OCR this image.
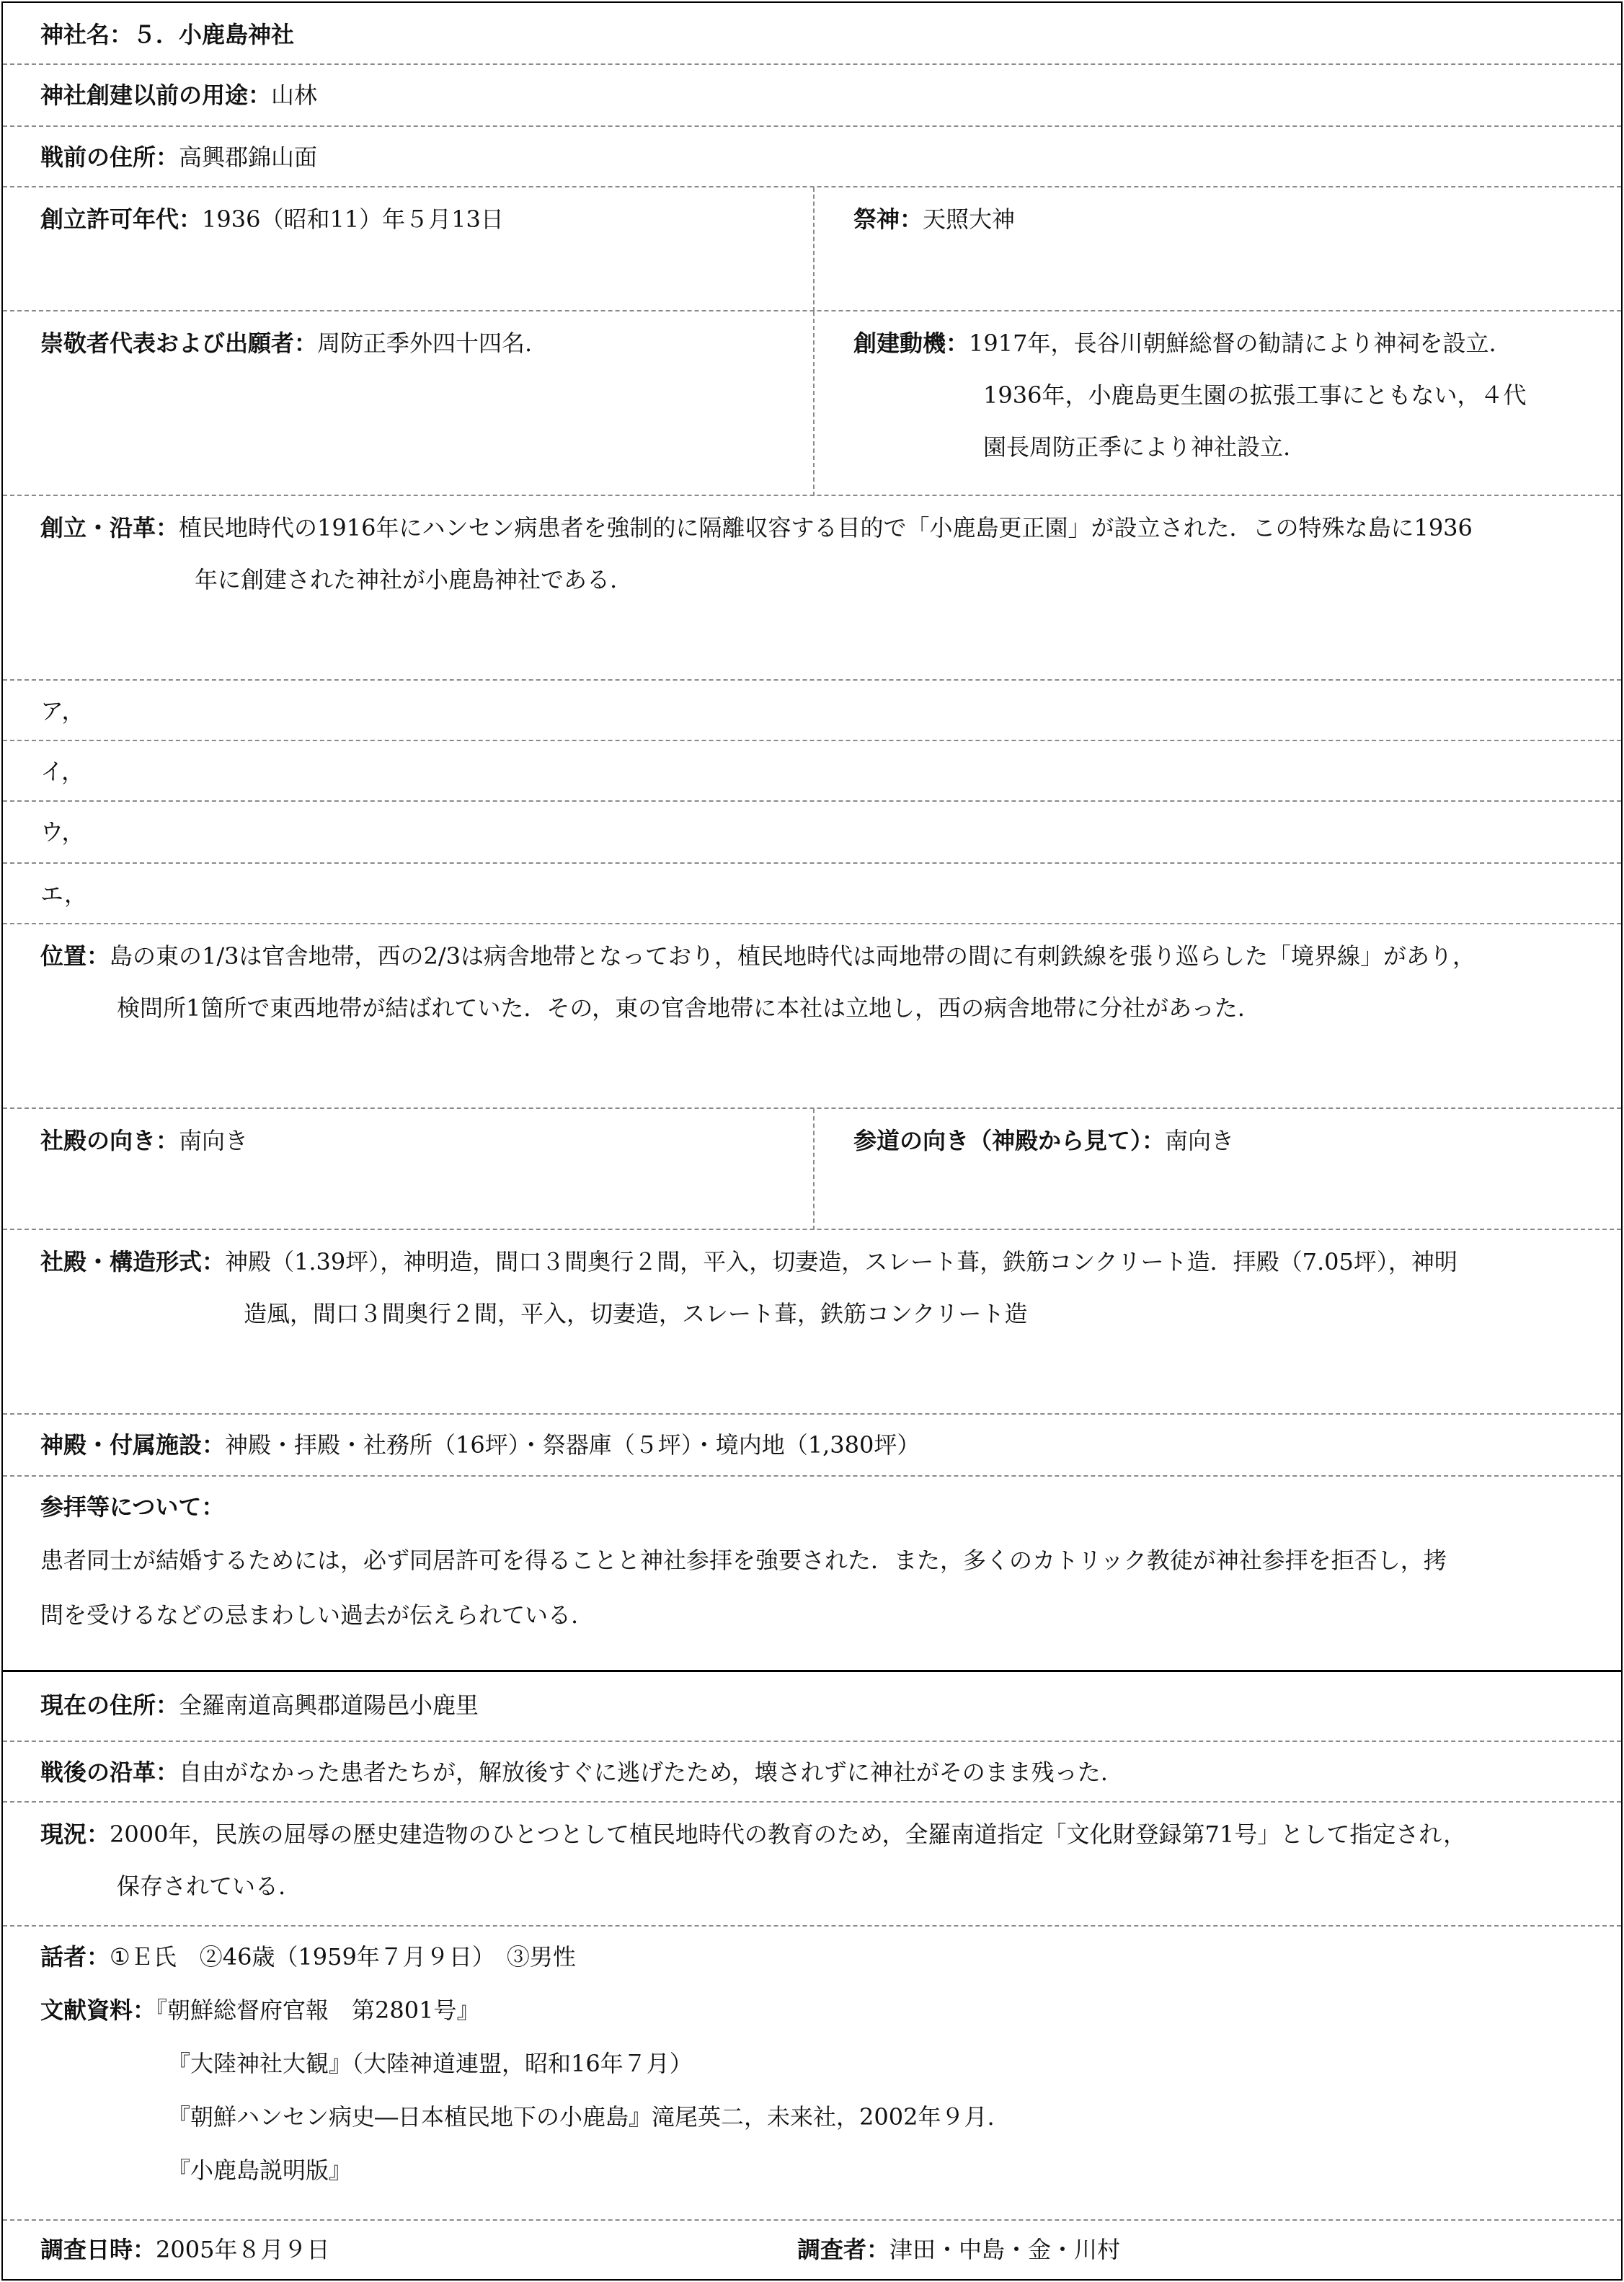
神社名：５．小鹿島神社
神社創建以前の用途：山林
戦前の住所：高興郡錦山面
創立許可年代：1936（昭和11）年５月13日	祭神：天照大神
崇敬者代表および出願者：周防正季外四十四名.	創建動機：1917年，長谷川朝鮮総督の勧請により神祠を設立.
1936年，小鹿島更生園の拡張工事にともない，４代
園長周防正季により神社設立.
創立・沿革：植民地時代の1916年にハンセン病患者を強制的に隔離収容する目的で「小鹿島更正園」が設立された．この特殊な島に1936
年に創建された神社が小鹿島神社である.
ア，
イ，
ウ，
エ，
位置：島の東の1/3は官舎地帯，西の2/3は病舎地帯となっており，植民地時代は両地帯の間に有刺鉄線を張り巡らした「境界線」があり，
検問所1箇所で東西地帯が結ばれていた．その，東の官舎地帯に本社は立地し，西の病舎地帯に分社があった.
社殿の向き：南向き	参道の向き（神殿から見て）：南向き
社殿・構造形式：神殿（1.39坪），神明造，間口３間奥行２間，平入，切妻造，スレート葺，鉄筋コンクリート造．拝殿（7.05坪），神明
造風，間口３間奥行２間，平入，切妻造，スレート葺，鉄筋コンクリート造
神殿・付属施設：神殿・拝殿・社務所（16坪）・祭器庫（５坪）・境内地（1,380坪）
参拝等について：
患者同士が結婚するためには，必ず同居許可を得ることと神社参拝を強要された．また，多くのカトリック教徒が神社参拝を拒否し，拷
問を受けるなどの忌まわしい過去が伝えられている.
現在の住所：全羅南道高興郡道陽邑小鹿里
戦後の沿革：自由がなかった患者たちが，解放後すぐに逃げたため，壊されずに神社がそのまま残った.
現況：2000年，民族の屈辱の歴史建造物のひとつとして植民地時代の教育のため，全羅南道指定「文化財登録第71号」として指定され，
保存されている.
話者：①Ｅ氏　②46歳（1959年７月９日）　③男性
文献資料：『朝鮮総督府官報　第2801号』
『大陸神社大観』（大陸神道連盟，昭和16年７月）
『朝鮮ハンセン病史―日本植民地下の小鹿島』滝尾英二，未来社，2002年９月.
『小鹿島説明版』
調査日時：2005年８月９日	調査者：津田・中島・金・川村
